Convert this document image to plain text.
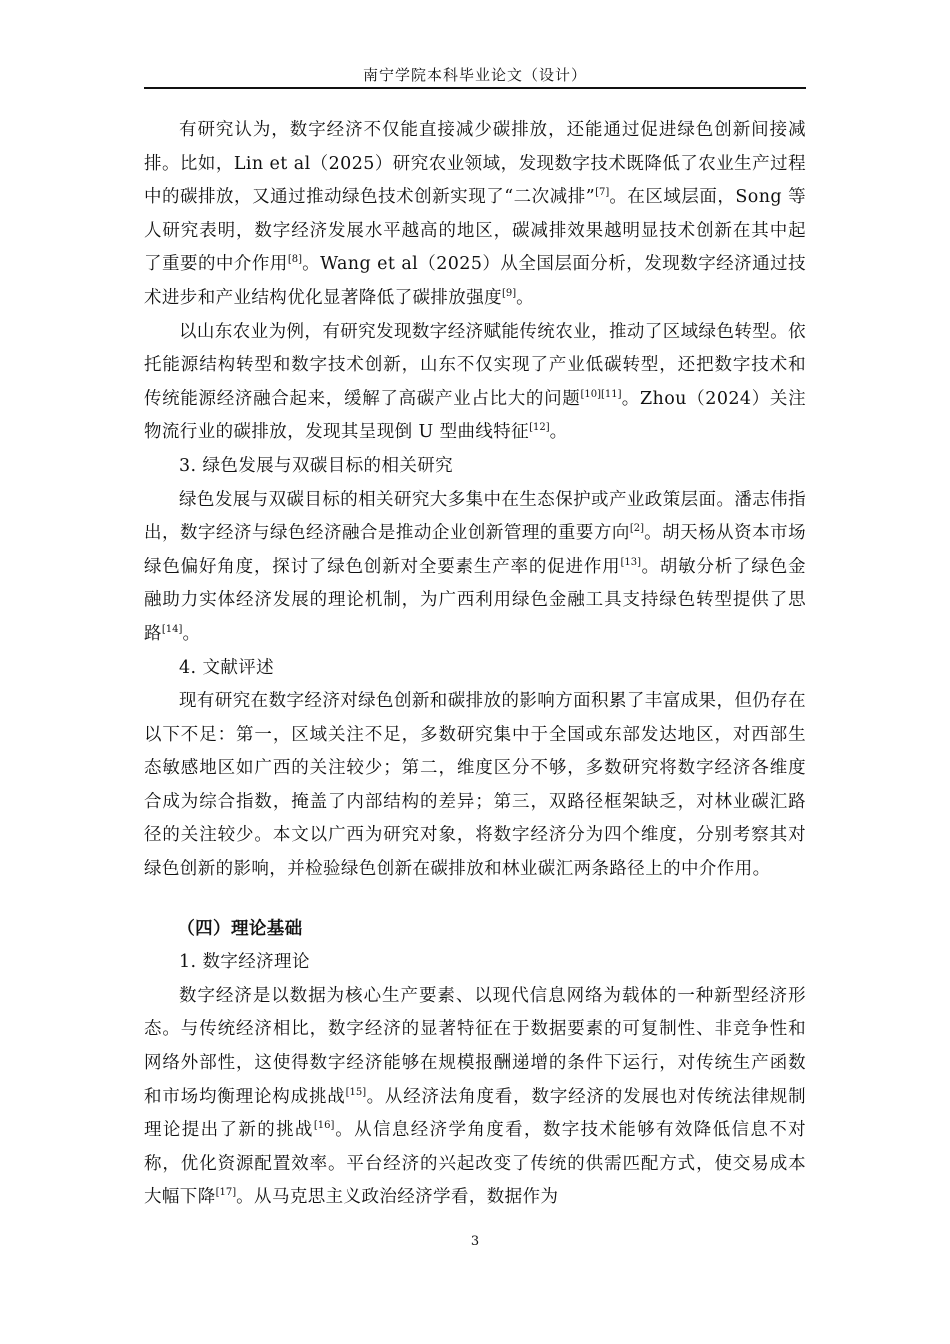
南宁学院本科毕业论文（设计）

有研究认为，数字经济不仅能直接减少碳排放，还能通过促进绿色创新间接减排。比如，Lin et al（2025）研究农业领域，发现数字技术既降低了农业生产过程中的碳排放，又通过推动绿色技术创新实现了“二次减排”[7]。在区域层面，Song 等人研究表明，数字经济发展水平越高的地区，碳减排效果越明显技术创新在其中起了重要的中介作用[8]。Wang et al（2025）从全国层面分析，发现数字经济通过技术进步和产业结构优化显著降低了碳排放强度[9]。

以山东农业为例，有研究发现数字经济赋能传统农业，推动了区域绿色转型。依托能源结构转型和数字技术创新，山东不仅实现了产业低碳转型，还把数字技术和传统能源经济融合起来，缓解了高碳产业占比大的问题[10][11]。Zhou（2024）关注物流行业的碳排放，发现其呈现倒 U 型曲线特征[12]。

3. 绿色发展与双碳目标的相关研究

绿色发展与双碳目标的相关研究大多集中在生态保护或产业政策层面。潘志伟指出，数字经济与绿色经济融合是推动企业创新管理的重要方向[2]。胡天杨从资本市场绿色偏好角度，探讨了绿色创新对全要素生产率的促进作用[13]。胡敏分析了绿色金融助力实体经济发展的理论机制，为广西利用绿色金融工具支持绿色转型提供了思路[14]。

4. 文献评述

现有研究在数字经济对绿色创新和碳排放的影响方面积累了丰富成果，但仍存在以下不足：第一，区域关注不足，多数研究集中于全国或东部发达地区，对西部生态敏感地区如广西的关注较少；第二，维度区分不够，多数研究将数字经济各维度合成为综合指数，掩盖了内部结构的差异；第三，双路径框架缺乏，对林业碳汇路径的关注较少。本文以广西为研究对象，将数字经济分为四个维度，分别考察其对绿色创新的影响，并检验绿色创新在碳排放和林业碳汇两条路径上的中介作用。

（四）理论基础

1. 数字经济理论

数字经济是以数据为核心生产要素、以现代信息网络为载体的一种新型经济形态。与传统经济相比，数字经济的显著特征在于数据要素的可复制性、非竞争性和网络外部性，这使得数字经济能够在规模报酬递增的条件下运行，对传统生产函数和市场均衡理论构成挑战[15]。从经济法角度看，数字经济的发展也对传统法律规制理论提出了新的挑战[16]。从信息经济学角度看，数字技术能够有效降低信息不对称，优化资源配置效率。平台经济的兴起改变了传统的供需匹配方式，使交易成本大幅下降[17]。从马克思主义政治经济学看，数据作为

3
